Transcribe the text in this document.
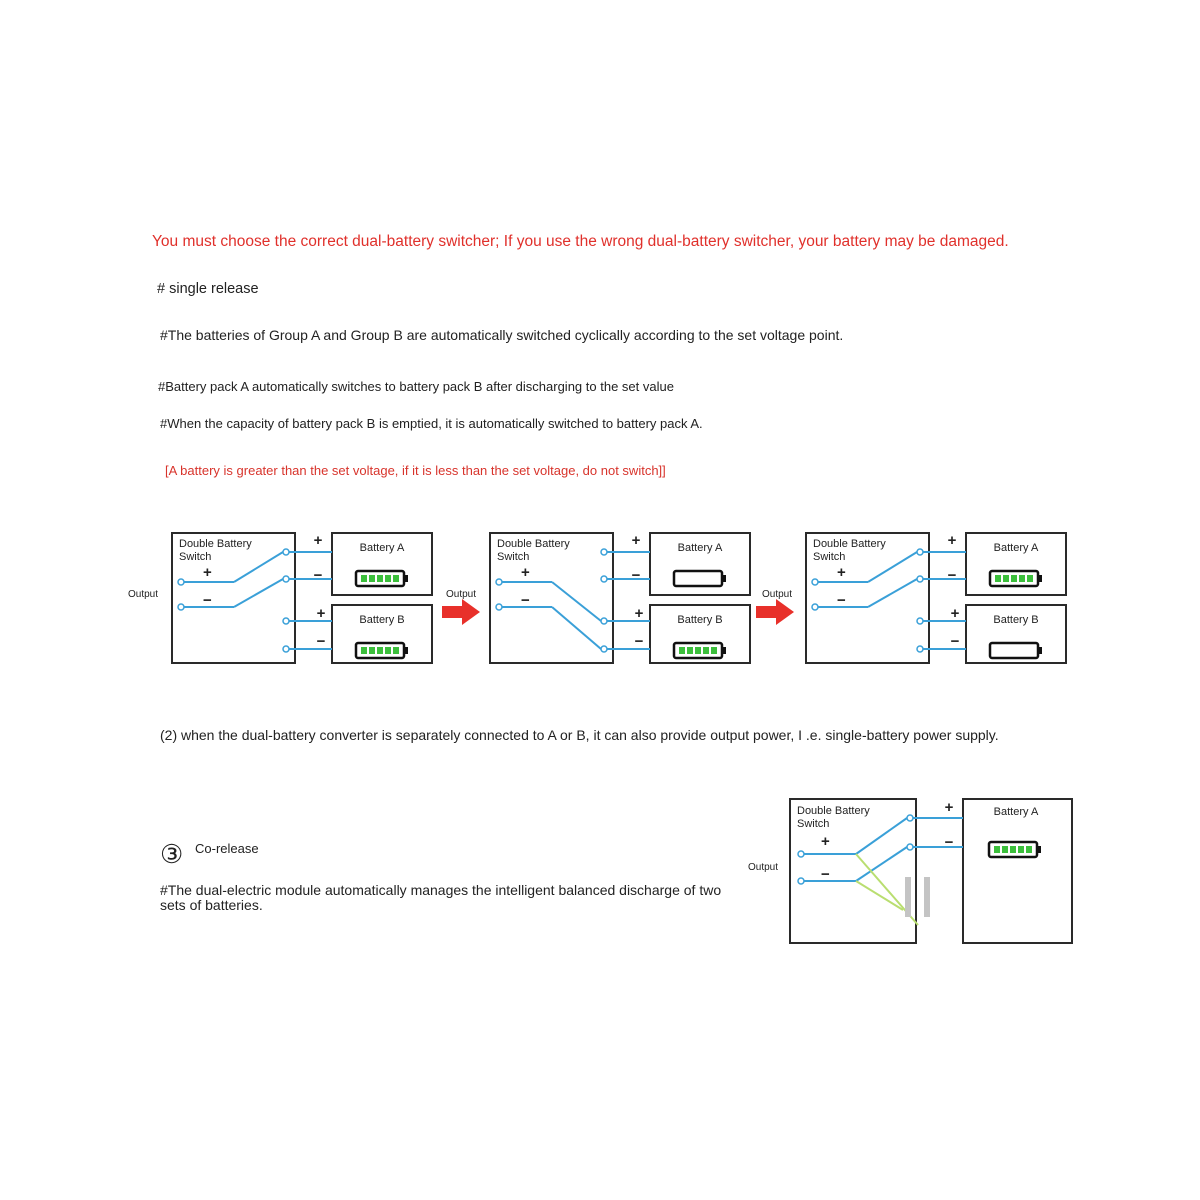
You must choose the correct dual-battery switcher; If you use the wrong dual-battery switcher, your battery may be damaged.
# single release
#The batteries of Group A and Group B are automatically switched cyclically according to the set voltage point.
#Battery pack A automatically switches to battery pack B after discharging to the set value
#When the capacity of battery pack B is emptied, it is automatically switched to battery pack A.
[A battery is greater than the set voltage, if it is less than the set voltage, do not switch]]
(2) when the dual-battery converter is separately connected to A or B, it can also provide output power, I .e. single-battery power supply.
③ Co-release
#The dual-electric module automatically manages the intelligent balanced discharge of two
sets of batteries.
Output
Double Battery
Switch
+
−
Battery A
Battery B
+
−
+
−
Output
Double Battery
Switch
+
−
Battery A
Battery B
+
−
+
−
Output
Double Battery
Switch
+
−
Battery A
Battery B
+
−
+
−
Double Battery
Switch
+
−
Battery A
+
−
Output
